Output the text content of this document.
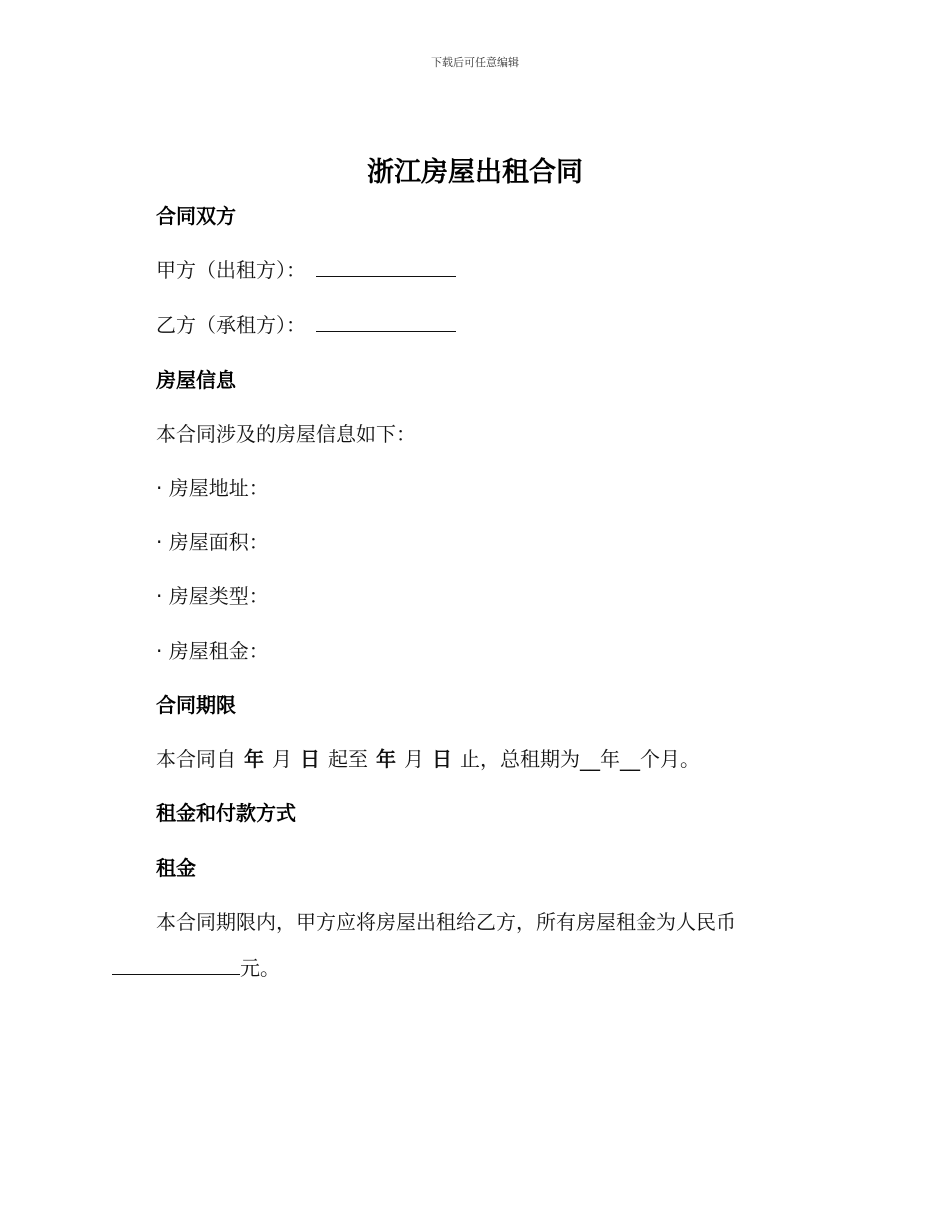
下载后可任意编辑
浙江房屋出租合同
合同双方
甲方（出租方）：
乙方（承租方）：
房屋信息
本合同涉及的房屋信息如下：
· 房屋地址：
· 房屋面积：
· 房屋类型：
· 房屋租金：
合同期限
本合同自 年 月 日 起至 年 月 日 止，总租期为__年__个月。
租金和付款方式
租金
本合同期限内，甲方应将房屋出租给乙方，所有房屋租金为人民币
元。
